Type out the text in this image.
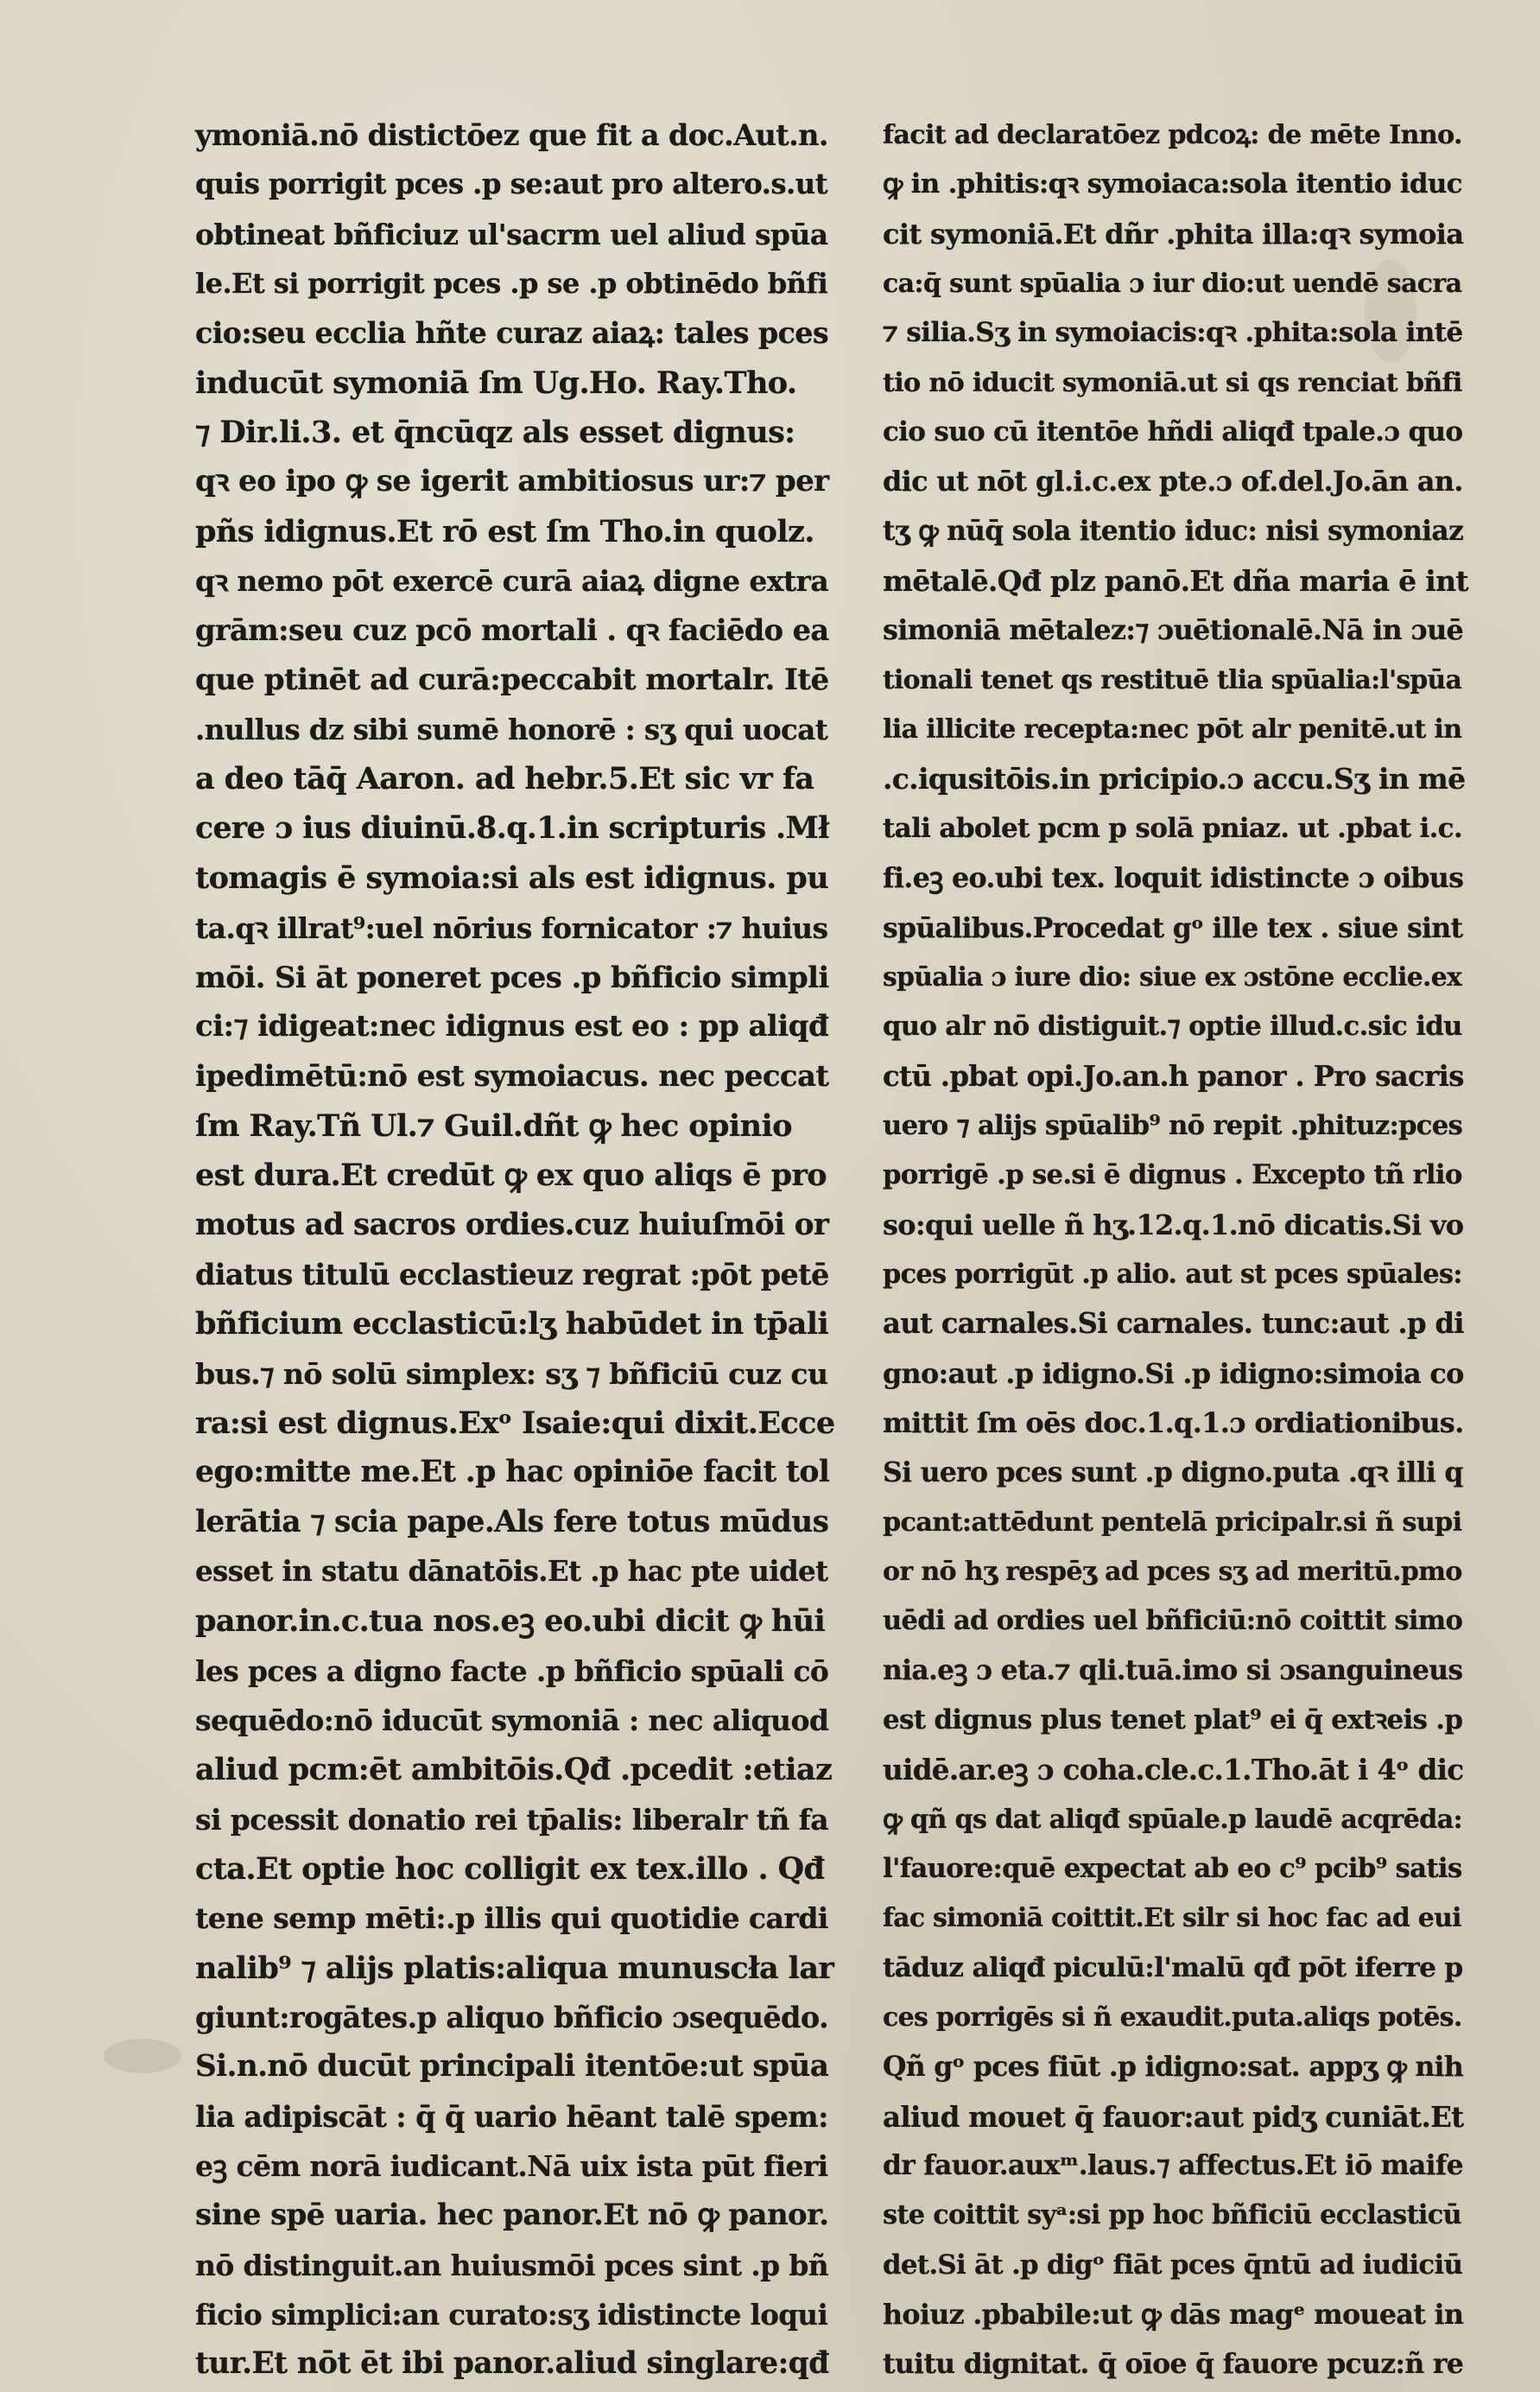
ymoniā.nō distictōez que fit a doc.Aut.n.
quis porrigit pces .p se:aut pro altero.s.ut
obtineat bñficiuz ul'sacrm uel aliud spūa
le.Et si porrigit pces .p se .p obtinēdo bñfi
cio:seu ecclia hñte curaz aiaꝝ: tales pces
inducūt symoniā ſm Ug.Ho. Ray.Tho.
⁊ Dir.li.3. et q̄ncūqz als esset dignus:
qꝛ eo ipo ꝙ se igerit ambitiosus ur:⁊ per
pñs idignus.Et rō est ſm Tho.in quolz.
qꝛ nemo pōt exercē curā aiaꝝ digne extra
grām:seu cuz pcō mortali . qꝛ faciēdo ea
que ptinēt ad curā:peccabit mortalr. Itē
.nullus dz sibi sumē honorē : sʒ qui uocat
a deo tāq̄ Aaron. ad hebr.5.Et sic vr fa
cere ɔ ius diuinū.8.q.1.in scripturis .Mł
tomagis ē symoia:si als est idignus. pu
ta.qꝛ illrat⁹:uel nōrius fornicator :⁊ huius
mōi. Si āt poneret pces .p bñficio simpli
ci:⁊ idigeat:nec idignus est eo : pp aliqđ
ipedimētū:nō est symoiacus. nec peccat
ſm Ray.Tñ Ul.⁊ Guil.dñt ꝙ hec opinio
est dura.Et credūt ꝙ ex quo aliqs ē pro
motus ad sacros ordies.cuz huiuſmōi or
diatus titulū ecclastieuz regrat :pōt petē
bñficium ecclasticū:lʒ habūdet in tp̄ali
bus.⁊ nō solū simplex: sʒ ⁊ bñficiū cuz cu
ra:si est dignus.Exᵒ Isaie:qui dixit.Ecce
ego:mitte me.Et .p hac opiniōe facit tol
lerātia ⁊ scia pape.Als fere totus mūdus
esset in statu dānatōis.Et .p hac pte uidet
panor.in.c.tua nos.eꝫ eo.ubi dicit ꝙ hūi
les pces a digno facte .p bñficio spūali cō
sequēdo:nō iducūt symoniā : nec aliquod
aliud pcm:ēt ambitōis.Qđ .pcedit :etiaz
si pcessit donatio rei tp̄alis: liberalr tñ fa
cta.Et optie hoc colligit ex tex.illo . Qđ
tene semp mēti:.p illis qui quotidie cardi
nalib⁹ ⁊ alijs platis:aliqua munuscła lar
giunt:rogātes.p aliquo bñficio ɔsequēdo.
Si.n.nō ducūt principali itentōe:ut spūa
lia adipiscāt : q̄ q̄ uario hēant talē spem:
eꝫ cēm norā iudicant.Nā uix ista pūt fieri
sine spē uaria. hec panor.Et nō ꝙ panor.
nō distinguit.an huiusmōi pces sint .p bñ
ficio simplici:an curato:sʒ idistincte loqui
tur.Et nōt ēt ibi panor.aliud singlare:qđ
facit ad declaratōez pdcoꝝ: de mēte Inno.
ꝙ in .phitis:qꝛ symoiaca:sola itentio iduc
cit symoniā.Et dñr .phita illa:qꝛ symoia
ca:q̄ sunt spūalia ɔ iur dio:ut uendē sacra
⁊ silia.Sʒ in symoiacis:qꝛ .phita:sola intē
tio nō iducit symoniā.ut si qs renciat bñfi
cio suo cū itentōe hñdi aliqđ tpale.ɔ quo
dic ut nōt gl.i.c.ex pte.ɔ of.del.Jo.ān an.
tʒ ꝙ nūq̄ sola itentio iduc: nisi symoniaz
mētalē.Qđ plz panō.Et dña maria ē int
simoniā mētalez:⁊ ɔuētionalē.Nā in ɔuē
tionali tenet qs restituē tlia spūalia:l'spūa
lia illicite recepta:nec pōt alr penitē.ut in
.c.iqusitōis.in pricipio.ɔ accu.Sʒ in mē
tali abolet pcm p solā pniaz. ut .pbat i.c.
fi.eꝫ eo.ubi tex. loquit idistincte ɔ oibus
spūalibus.Procedat gᵒ ille tex . siue sint
spūalia ɔ iure dio: siue ex ɔstōne ecclie.ex
quo alr nō distiguit.⁊ optie illud.c.sic idu
ctū .pbat opi.Jo.an.h panor . Pro sacris
uero ⁊ alijs spūalib⁹ nō repit .phituz:pces
porrigē .p se.si ē dignus . Excepto tñ rlio
so:qui uelle ñ hʒ.12.q.1.nō dicatis.Si vo
pces porrigūt .p alio. aut st pces spūales:
aut carnales.Si carnales. tunc:aut .p di
gno:aut .p idigno.Si .p idigno:simoia co
mittit ſm oēs doc.1.q.1.ɔ ordiationibus.
Si uero pces sunt .p digno.puta .qꝛ illi q
pcant:attēdunt pentelā pricipalr.si ñ supi
or nō hʒ respēʒ ad pces sʒ ad meritū.pmo
uēdi ad ordies uel bñficiū:nō coittit simo
nia.eꝫ ɔ eta.⁊ qli.tuā.imo si ɔsanguineus
est dignus plus tenet plat⁹ ei q̄ extꝛeis .p
uidē.ar.eꝫ ɔ coha.cle.c.1.Tho.āt i 4ᵒ dic
ꝙ qñ qs dat aliqđ spūale.p laudē acqrēda:
l'fauore:quē expectat ab eo c⁹ pcib⁹ satis
fac simoniā coittit.Et silr si hoc fac ad eui
tāduz aliqđ piculū:l'malū qđ pōt iferre p
ces porrigēs si ñ exaudit.puta.aliqs potēs.
Qñ gᵒ pces fiūt .p idigno:sat. appʒ ꝙ nih
aliud mouet q̄ fauor:aut pidʒ cuniāt.Et
dr fauor.auxᵐ.laus.⁊ affectus.Et iō maife
ste coittit syᵃ:si pp hoc bñficiū ecclasticū
det.Si āt .p digᵒ fiāt pces q̄ntū ad iudiciū
hoiuz .pbabile:ut ꝙ dās magᵉ moueat in
tuitu dignitat. q̄ oīoe q̄ fauore pcuz:ñ re
